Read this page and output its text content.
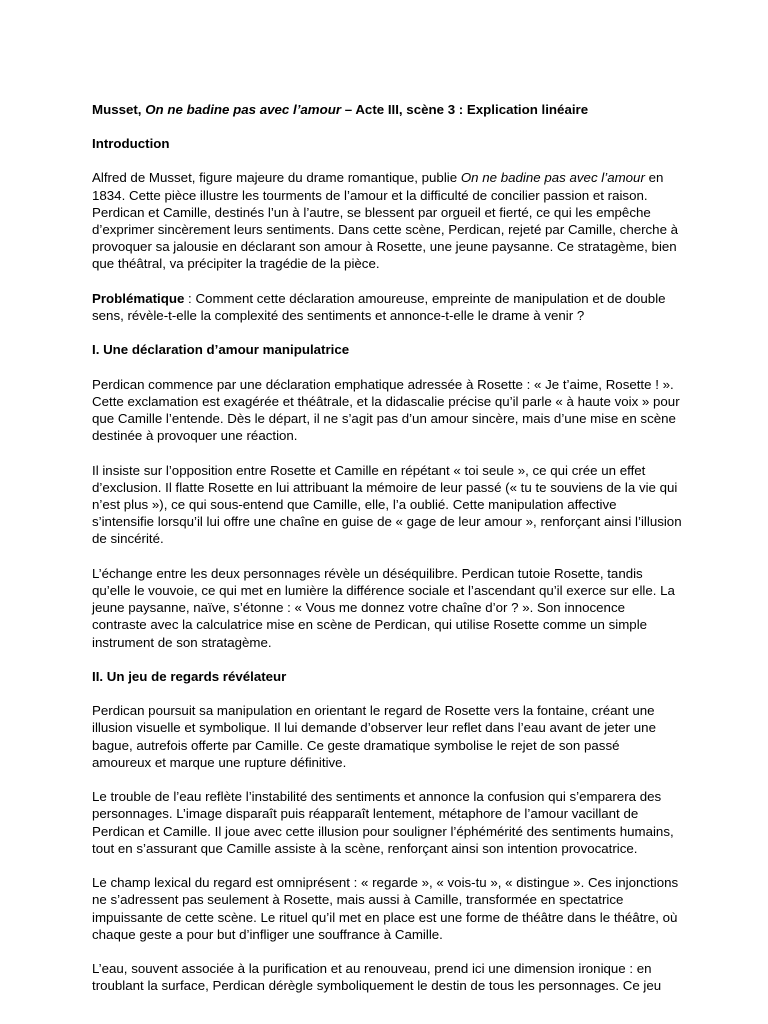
Musset, On ne badine pas avec l’amour – Acte III, scène 3 : Explication linéaire
Introduction

Alfred de Musset, figure majeure du drame romantique, publie On ne badine pas avec l’amour en 1834. Cette pièce illustre les tourments de l’amour et la difficulté de concilier passion et raison. Perdican et Camille, destinés l’un à l’autre, se blessent par orgueil et fierté, ce qui les empêche d’exprimer sincèrement leurs sentiments. Dans cette scène, Perdican, rejeté par Camille, cherche à provoquer sa jalousie en déclarant son amour à Rosette, une jeune paysanne. Ce stratagème, bien que théâtral, va précipiter la tragédie de la pièce.

Problématique : Comment cette déclaration amoureuse, empreinte de manipulation et de double sens, révèle-t-elle la complexité des sentiments et annonce-t-elle le drame à venir ?

I. Une déclaration d’amour manipulatrice

Perdican commence par une déclaration emphatique adressée à Rosette : « Je t’aime, Rosette ! ». Cette exclamation est exagérée et théâtrale, et la didascalie précise qu’il parle « à haute voix » pour que Camille l’entende. Dès le départ, il ne s’agit pas d’un amour sincère, mais d’une mise en scène destinée à provoquer une réaction.

Il insiste sur l’opposition entre Rosette et Camille en répétant « toi seule », ce qui crée un effet d’exclusion. Il flatte Rosette en lui attribuant la mémoire de leur passé (« tu te souviens de la vie qui n’est plus »), ce qui sous-entend que Camille, elle, l’a oublié. Cette manipulation affective s’intensifie lorsqu’il lui offre une chaîne en guise de « gage de leur amour », renforçant ainsi l’illusion de sincérité.

L’échange entre les deux personnages révèle un déséquilibre. Perdican tutoie Rosette, tandis qu’elle le vouvoie, ce qui met en lumière la différence sociale et l’ascendant qu’il exerce sur elle. La jeune paysanne, naïve, s’étonne : « Vous me donnez votre chaîne d’or ? ». Son innocence contraste avec la calculatrice mise en scène de Perdican, qui utilise Rosette comme un simple instrument de son stratagème.

II. Un jeu de regards révélateur

Perdican poursuit sa manipulation en orientant le regard de Rosette vers la fontaine, créant une illusion visuelle et symbolique. Il lui demande d’observer leur reflet dans l’eau avant de jeter une bague, autrefois offerte par Camille. Ce geste dramatique symbolise le rejet de son passé amoureux et marque une rupture définitive.

Le trouble de l’eau reflète l’instabilité des sentiments et annonce la confusion qui s’emparera des personnages. L’image disparaît puis réapparaît lentement, métaphore de l’amour vacillant de Perdican et Camille. Il joue avec cette illusion pour souligner l’éphémérité des sentiments humains, tout en s’assurant que Camille assiste à la scène, renforçant ainsi son intention provocatrice.

Le champ lexical du regard est omniprésent : « regarde », « vois-tu », « distingue ». Ces injonctions ne s’adressent pas seulement à Rosette, mais aussi à Camille, transformée en spectatrice impuissante de cette scène. Le rituel qu’il met en place est une forme de théâtre dans le théâtre, où chaque geste a pour but d’infliger une souffrance à Camille.

L’eau, souvent associée à la purification et au renouveau, prend ici une dimension ironique : en troublant la surface, Perdican dérègle symboliquement le destin de tous les personnages. Ce jeu
